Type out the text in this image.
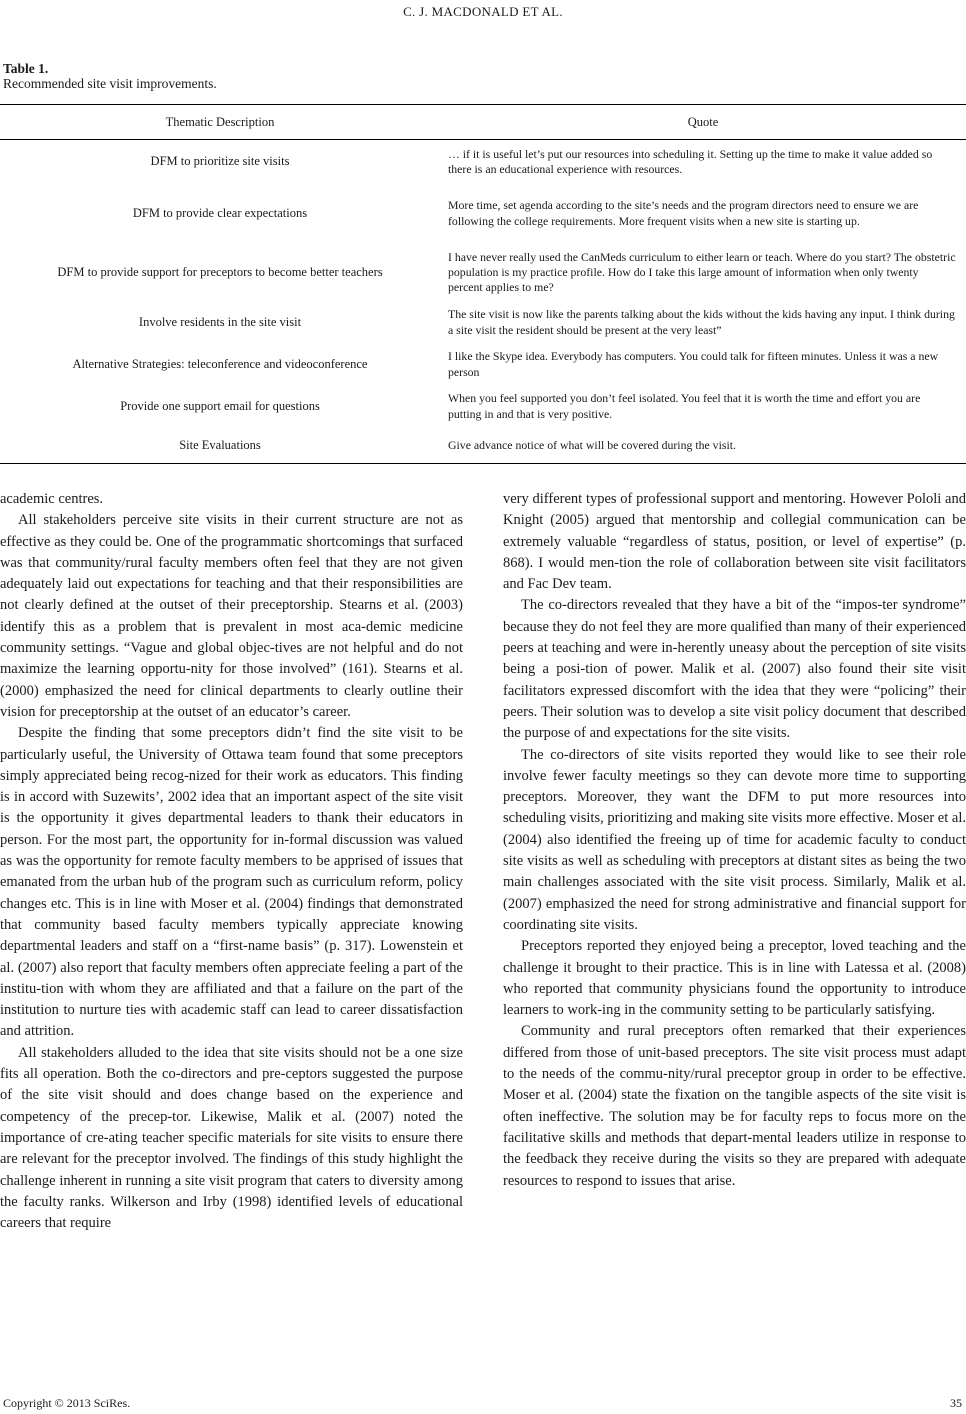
C. J. MACDONALD ET AL.
Table 1.
Recommended site visit improvements.
Thematic Description	Quote
DFM to prioritize site visits	… if it is useful let’s put our resources into scheduling it. Setting up the time to make it value added so there is an educational experience with resources.
DFM to provide clear expectations	More time, set agenda according to the site’s needs and the program directors need to ensure we are following the college requirements. More frequent visits when a new site is starting up.
DFM to provide support for preceptors to become better teachers	I have never really used the CanMeds curriculum to either learn or teach. Where do you start? The obstetric population is my practice profile. How do I take this large amount of information when only twenty percent applies to me?
Involve residents in the site visit	The site visit is now like the parents talking about the kids without the kids having any input. I think during a site visit the resident should be present at the very least”
Alternative Strategies: teleconference and videoconference	I like the Skype idea. Everybody has computers. You could talk for fifteen minutes. Unless it was a new person
Provide one support email for questions	When you feel supported you don’t feel isolated. You feel that it is worth the time and effort you are putting in and that is very positive.
Site Evaluations	Give advance notice of what will be covered during the visit.

academic centres.

All stakeholders perceive site visits in their current structure are not as effective as they could be. One of the programmatic shortcomings that surfaced was that community/rural faculty members often feel that they are not given adequately laid out expectations for teaching and that their responsibilities are not clearly defined at the outset of their preceptorship. Stearns et al. (2003) identify this as a problem that is prevalent in most aca-demic medicine community settings. “Vague and global objec-tives are not helpful and do not maximize the learning opportu-nity for those involved” (161). Stearns et al. (2000) emphasized the need for clinical departments to clearly outline their vision for preceptorship at the outset of an educator’s career.

Despite the finding that some preceptors didn’t find the site visit to be particularly useful, the University of Ottawa team found that some preceptors simply appreciated being recog-nized for their work as educators. This finding is in accord with Suzewits’, 2002 idea that an important aspect of the site visit is the opportunity it gives departmental leaders to thank their educators in person. For the most part, the opportunity for in-formal discussion was valued as was the opportunity for remote faculty members to be apprised of issues that emanated from the urban hub of the program such as curriculum reform, policy changes etc. This is in line with Moser et al. (2004) findings that demonstrated that community based faculty members typically appreciate knowing departmental leaders and staff on a “first-name basis” (p. 317). Lowenstein et al. (2007) also report that faculty members often appreciate feeling a part of the institu-tion with whom they are affiliated and that a failure on the part of the institution to nurture ties with academic staff can lead to career dissatisfaction and attrition.

All stakeholders alluded to the idea that site visits should not be a one size fits all operation. Both the co-directors and pre-ceptors suggested the purpose of the site visit should and does change based on the experience and competency of the precep-tor. Likewise, Malik et al. (2007) noted the importance of cre-ating teacher specific materials for site visits to ensure there are relevant for the preceptor involved. The findings of this study highlight the challenge inherent in running a site visit program that caters to diversity among the faculty ranks. Wilkerson and Irby (1998) identified levels of educational careers that require

very different types of professional support and mentoring. However Pololi and Knight (2005) argued that mentorship and collegial communication can be extremely valuable “regardless of status, position, or level of expertise” (p. 868). I would men-tion the role of collaboration between site visit facilitators and Fac Dev team.

The co-directors revealed that they have a bit of the “impos-ter syndrome” because they do not feel they are more qualified than many of their experienced peers at teaching and were in-herently uneasy about the perception of site visits being a posi-tion of power. Malik et al. (2007) also found their site visit facilitators expressed discomfort with the idea that they were “policing” their peers. Their solution was to develop a site visit policy document that described the purpose of and expectations for the site visits.

The co-directors of site visits reported they would like to see their role involve fewer faculty meetings so they can devote more time to supporting preceptors. Moreover, they want the DFM to put more resources into scheduling visits, prioritizing and making site visits more effective. Moser et al. (2004) also identified the freeing up of time for academic faculty to conduct site visits as well as scheduling with preceptors at distant sites as being the two main challenges associated with the site visit process. Similarly, Malik et al. (2007) emphasized the need for strong administrative and financial support for coordinating site visits.

Preceptors reported they enjoyed being a preceptor, loved teaching and the challenge it brought to their practice. This is in line with Latessa et al. (2008) who reported that community physicians found the opportunity to introduce learners to work-ing in the community setting to be particularly satisfying.

Community and rural preceptors often remarked that their experiences differed from those of unit-based preceptors. The site visit process must adapt to the needs of the commu-nity/rural preceptor group in order to be effective. Moser et al. (2004) state the fixation on the tangible aspects of the site visit is often ineffective. The solution may be for faculty reps to focus more on the facilitative skills and methods that depart-mental leaders utilize in response to the feedback they receive during the visits so they are prepared with adequate resources to respond to issues that arise.

Copyright © 2013 SciRes.	35
